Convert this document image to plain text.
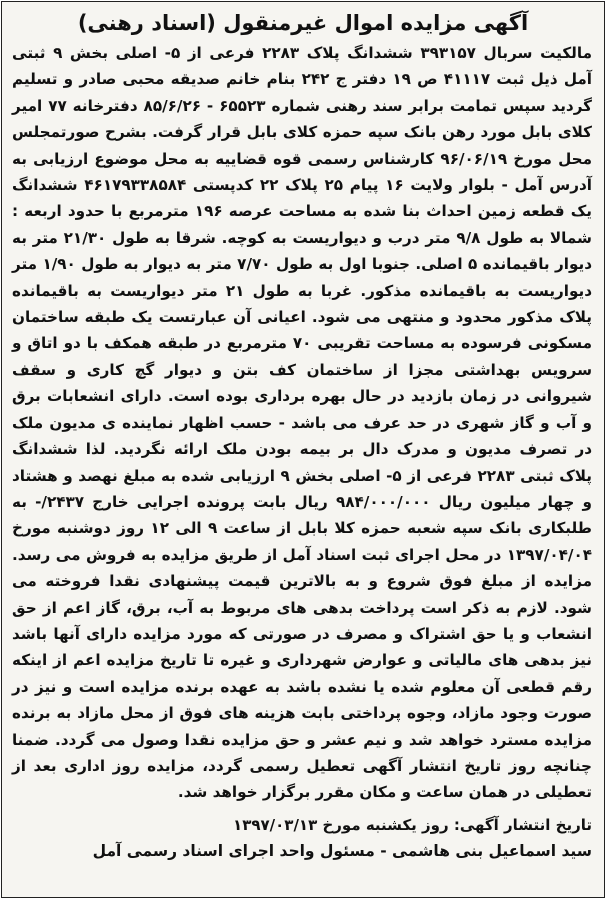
آگهی مزایده اموال غیرمنقول (اسناد رهنی)
مالکیت سربال ۳۹۳۱۵۷ ششدانگ پلاک ۲۲۸۳ فرعی از ۵- اصلی بخش ۹ ثبتی آمل ذیل ثبت ۴۱۱۱۷ ص ۱۹ دفتر ج ۲۴۲ بنام خانم صدیقه محبی صادر و تسلیم گردید سپس تمامت برابر سند رهنی شماره ۶۵۵۲۳ - ۸۵/۶/۲۶ دفترخانه ۷۷ امیر کلای بابل مورد رهن بانک سپه حمزه کلای بابل قرار گرفت. بشرح صورتمجلس محل مورخ ۹۶/۰۶/۱۹ کارشناس رسمی قوه قضاییه به محل موضوع ارزیابی به آدرس آمل - بلوار ولایت ۱۶ پیام ۲۵ پلاک ۲۲ کدپستی ۴۶۱۷۹۳۳۸۵۸۴ ششدانگ یک قطعه زمین احداث بنا شده به مساحت عرصه ۱۹۶ مترمربع با حدود اربعه : شمالا به طول ۹/۸ متر درب و دیواریست به کوچه. شرقا به طول ۲۱/۳۰ متر به دیوار باقیمانده ۵ اصلی. جنوبا اول به طول ۷/۷۰ متر به دیوار به طول ۱/۹۰ متر دیواریست به باقیمانده مذکور. غربا به طول ۲۱ متر دیواریست به باقیمانده پلاک مذکور محدود و منتهی می شود. اعیانی آن عبارتست یک طبقه ساختمان مسکونی فرسوده به مساحت تقریبی ۷۰ مترمربع در طبقه همکف با دو اتاق و سرویس بهداشتی مجزا از ساختمان کف بتن و دیوار گچ کاری و سقف شیروانی در زمان بازدید در حال بهره برداری بوده است. دارای انشعابات برق و آب و گاز شهری در حد عرف می باشد - حسب اظهار نماینده ی مدیون ملک در تصرف مدیون و مدرک دال بر بیمه بودن ملک ارائه نگردید. لذا ششدانگ پلاک ثبتی ۲۲۸۳ فرعی از ۵- اصلی بخش ۹ ارزیابی شده به مبلغ نهصد و هشتاد و چهار میلیون ریال ۹۸۴/۰۰۰/۰۰۰ ریال بابت پرونده اجرایی خارج ۲۴۳۷/- به طلبکاری بانک سپه شعبه حمزه کلا بابل از ساعت ۹ الی ۱۲ روز دوشنبه مورخ ۱۳۹۷/۰۴/۰۴ در محل اجرای ثبت اسناد آمل از طریق مزایده به فروش می رسد. مزایده از مبلغ فوق شروع و به بالاترین قیمت پیشنهادی نقدا فروخته می شود. لازم به ذکر است پرداخت بدهی های مربوط به آب، برق، گاز اعم از حق انشعاب و یا حق اشتراک و مصرف در صورتی که مورد مزایده دارای آنها باشد نیز بدهی های مالیاتی و عوارض شهرداری و غیره تا تاریخ مزایده اعم از اینکه رقم قطعی آن معلوم شده یا نشده باشد به عهده برنده مزایده است و نیز در صورت وجود مازاد، وجوه پرداختی بابت هزینه های فوق از محل مازاد به برنده مزایده مسترد خواهد شد و نیم عشر و حق مزایده نقدا وصول می گردد. ضمنا چنانچه روز تاریخ انتشار آگهی تعطیل رسمی گردد، مزایده روز اداری بعد از تعطیلی در همان ساعت و مکان مقرر برگزار خواهد شد.
تاریخ انتشار آگهی: روز یکشنبه مورخ ۱۳۹۷/۰۳/۱۳
سید اسماعیل بنی هاشمی - مسئول واحد اجرای اسناد رسمی آمل
